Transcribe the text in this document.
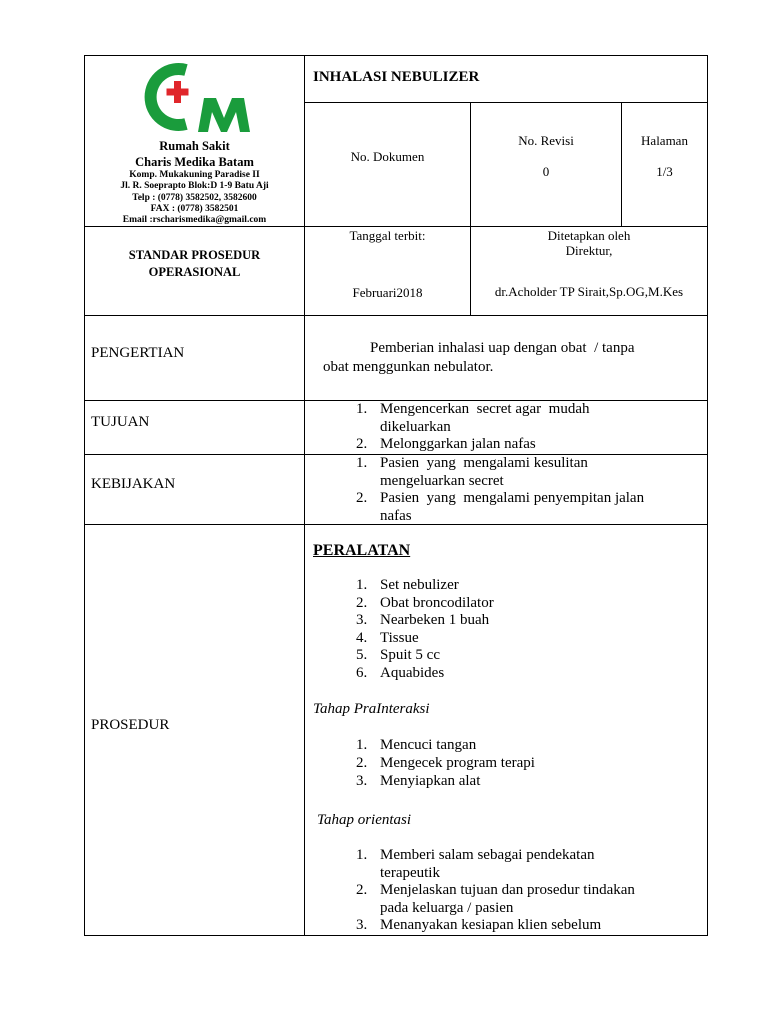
Rumah Sakit
Charis Medika Batam
Komp. Mukakuning Paradise II
Jl. R. Soeprapto Blok:D 1-9 Batu Aji
Telp : (0778) 3582502, 3582600
FAX : (0778) 3582501
Email :rscharismedika@gmail.com
INHALASI NEBULIZER
No. Dokumen
No. Revisi
0
Halaman
1/3
STANDAR PROSEDUR
OPERASIONAL
Tanggal terbit:
Februari2018
Ditetapkan oleh
Direktur,
dr.Acholder TP Sirait,Sp.OG,M.Kes
PENGERTIAN	Pemberian inhalasi uap dengan obat  / tanpa
obat menggunkan nebulator.
TUJUAN
Mengencerkan  secret agar  mudah
dikeluarkan
Melonggarkan jalan nafas
KEBIJAKAN
Pasien  yang  mengalami kesulitan
mengeluarkan secret
Pasien  yang  mengalami penyempitan jalan
nafas
PROSEDUR
PERALATAN
Set nebulizer
Obat broncodilator
Nearbeken 1 buah
Tissue
Spuit 5 cc
Aquabides
Tahap PraInteraksi
Mencuci tangan
Mengecek program terapi
Menyiapkan alat
Tahap orientasi
Memberi salam sebagai pendekatan
terapeutik
Menjelaskan tujuan dan prosedur tindakan
pada keluarga / pasien
Menanyakan kesiapan klien sebelum
